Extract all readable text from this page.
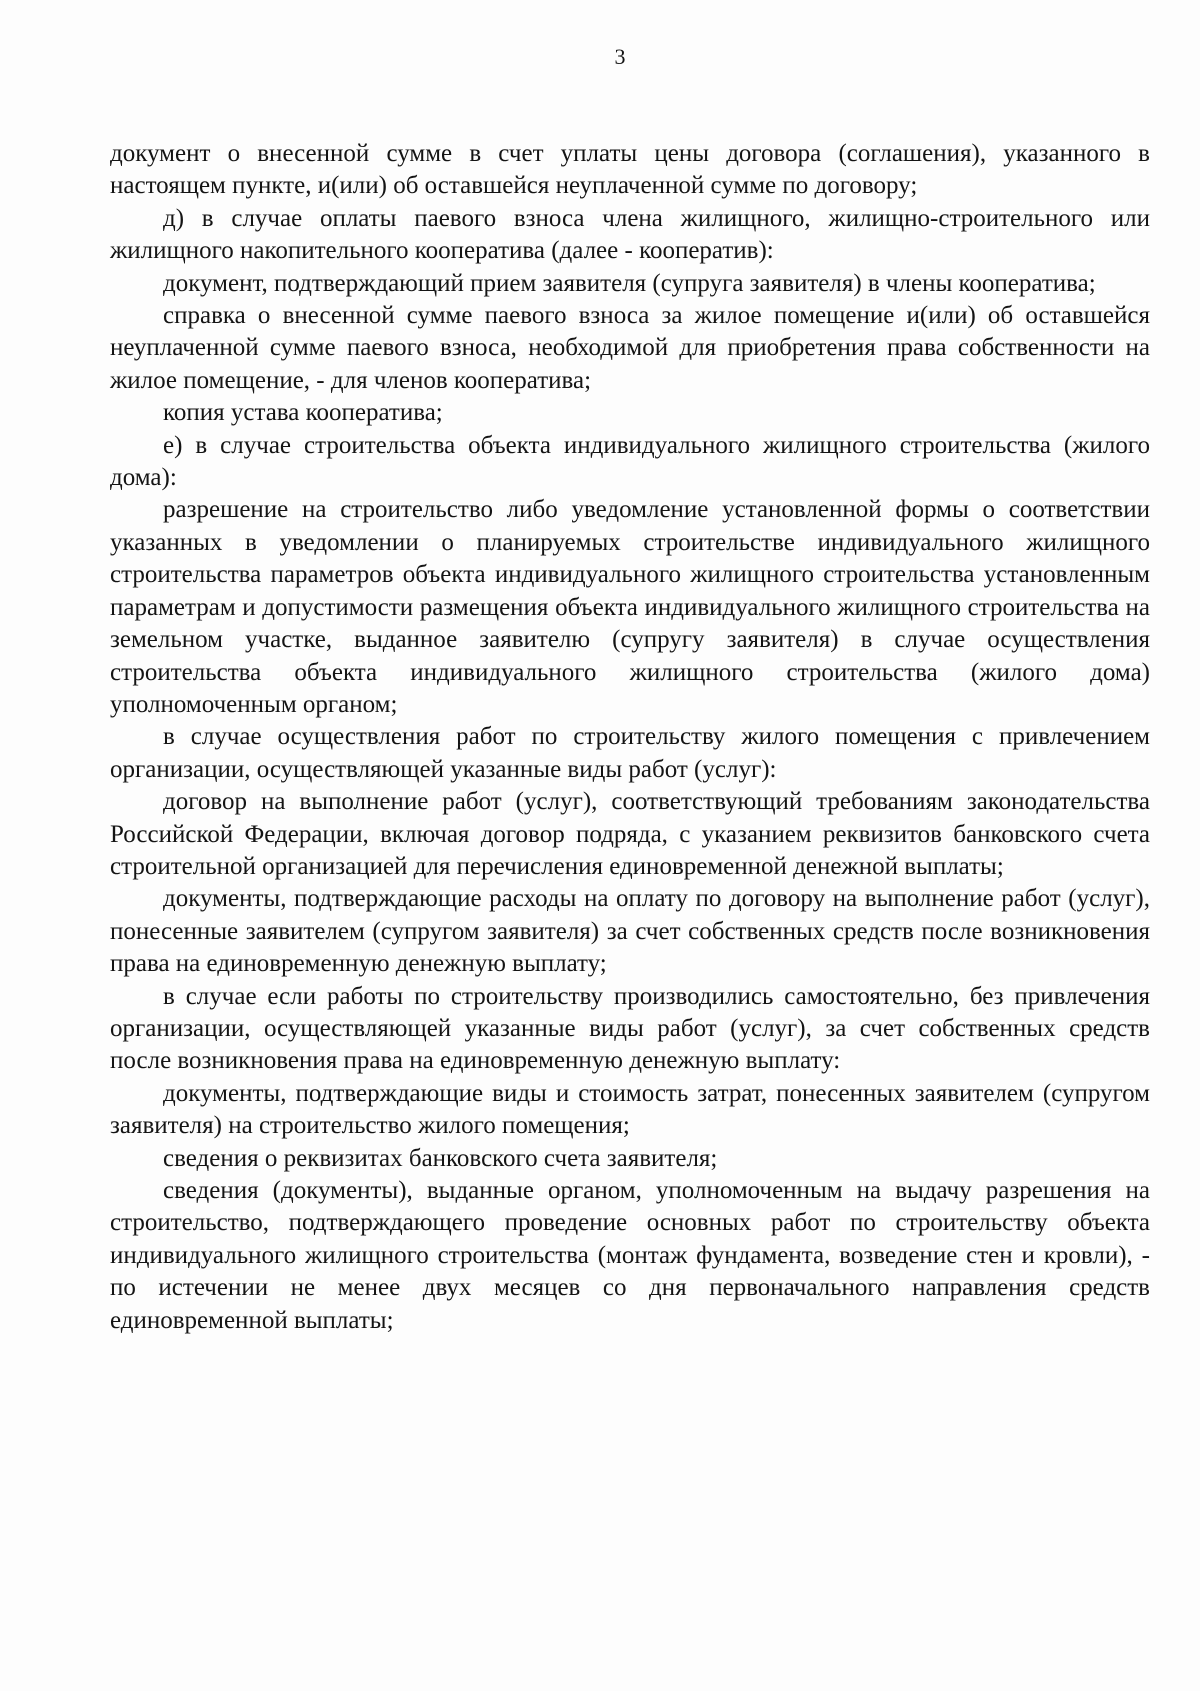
3

документ о внесенной сумме в счет уплаты цены договора (соглашения), указанного в настоящем пункте, и(или) об оставшейся неуплаченной сумме по договору;

д) в случае оплаты паевого взноса члена жилищного, жилищно-строительного или жилищного накопительного кооператива (далее - кооператив):

документ, подтверждающий прием заявителя (супруга заявителя) в члены кооператива;

справка о внесенной сумме паевого взноса за жилое помещение и(или) об оставшейся неуплаченной сумме паевого взноса, необходимой для приобретения права собственности на жилое помещение, - для членов кооператива;

копия устава кооператива;

е) в случае строительства объекта индивидуального жилищного строительства (жилого дома):

разрешение на строительство либо уведомление установленной формы о соответствии указанных в уведомлении о планируемых строительстве индивидуального жилищного строительства параметров объекта индивидуального жилищного строительства установленным параметрам и допустимости размещения объекта индивидуального жилищного строительства на земельном участке, выданное заявителю (супругу заявителя) в случае осуществления строительства объекта индивидуального жилищного строительства (жилого дома) уполномоченным органом;

в случае осуществления работ по строительству жилого помещения с привлечением организации, осуществляющей указанные виды работ (услуг):

договор на выполнение работ (услуг), соответствующий требованиям законодательства Российской Федерации, включая договор подряда, с указанием реквизитов банковского счета строительной организацией для перечисления единовременной денежной выплаты;

документы, подтверждающие расходы на оплату по договору на выполнение работ (услуг), понесенные заявителем (супругом заявителя) за счет собственных средств после возникновения права на единовременную денежную выплату;

в случае если работы по строительству производились самостоятельно, без привлечения организации, осуществляющей указанные виды работ (услуг), за счет собственных средств после возникновения права на единовременную денежную выплату:

документы, подтверждающие виды и стоимость затрат, понесенных заявителем (супругом заявителя) на строительство жилого помещения;

сведения о реквизитах банковского счета заявителя;

сведения (документы), выданные органом, уполномоченным на выдачу разрешения на строительство, подтверждающего проведение основных работ по строительству объекта индивидуального жилищного строительства (монтаж фундамента, возведение стен и кровли), - по истечении не менее двух месяцев со дня первоначального направления средств единовременной выплаты;
